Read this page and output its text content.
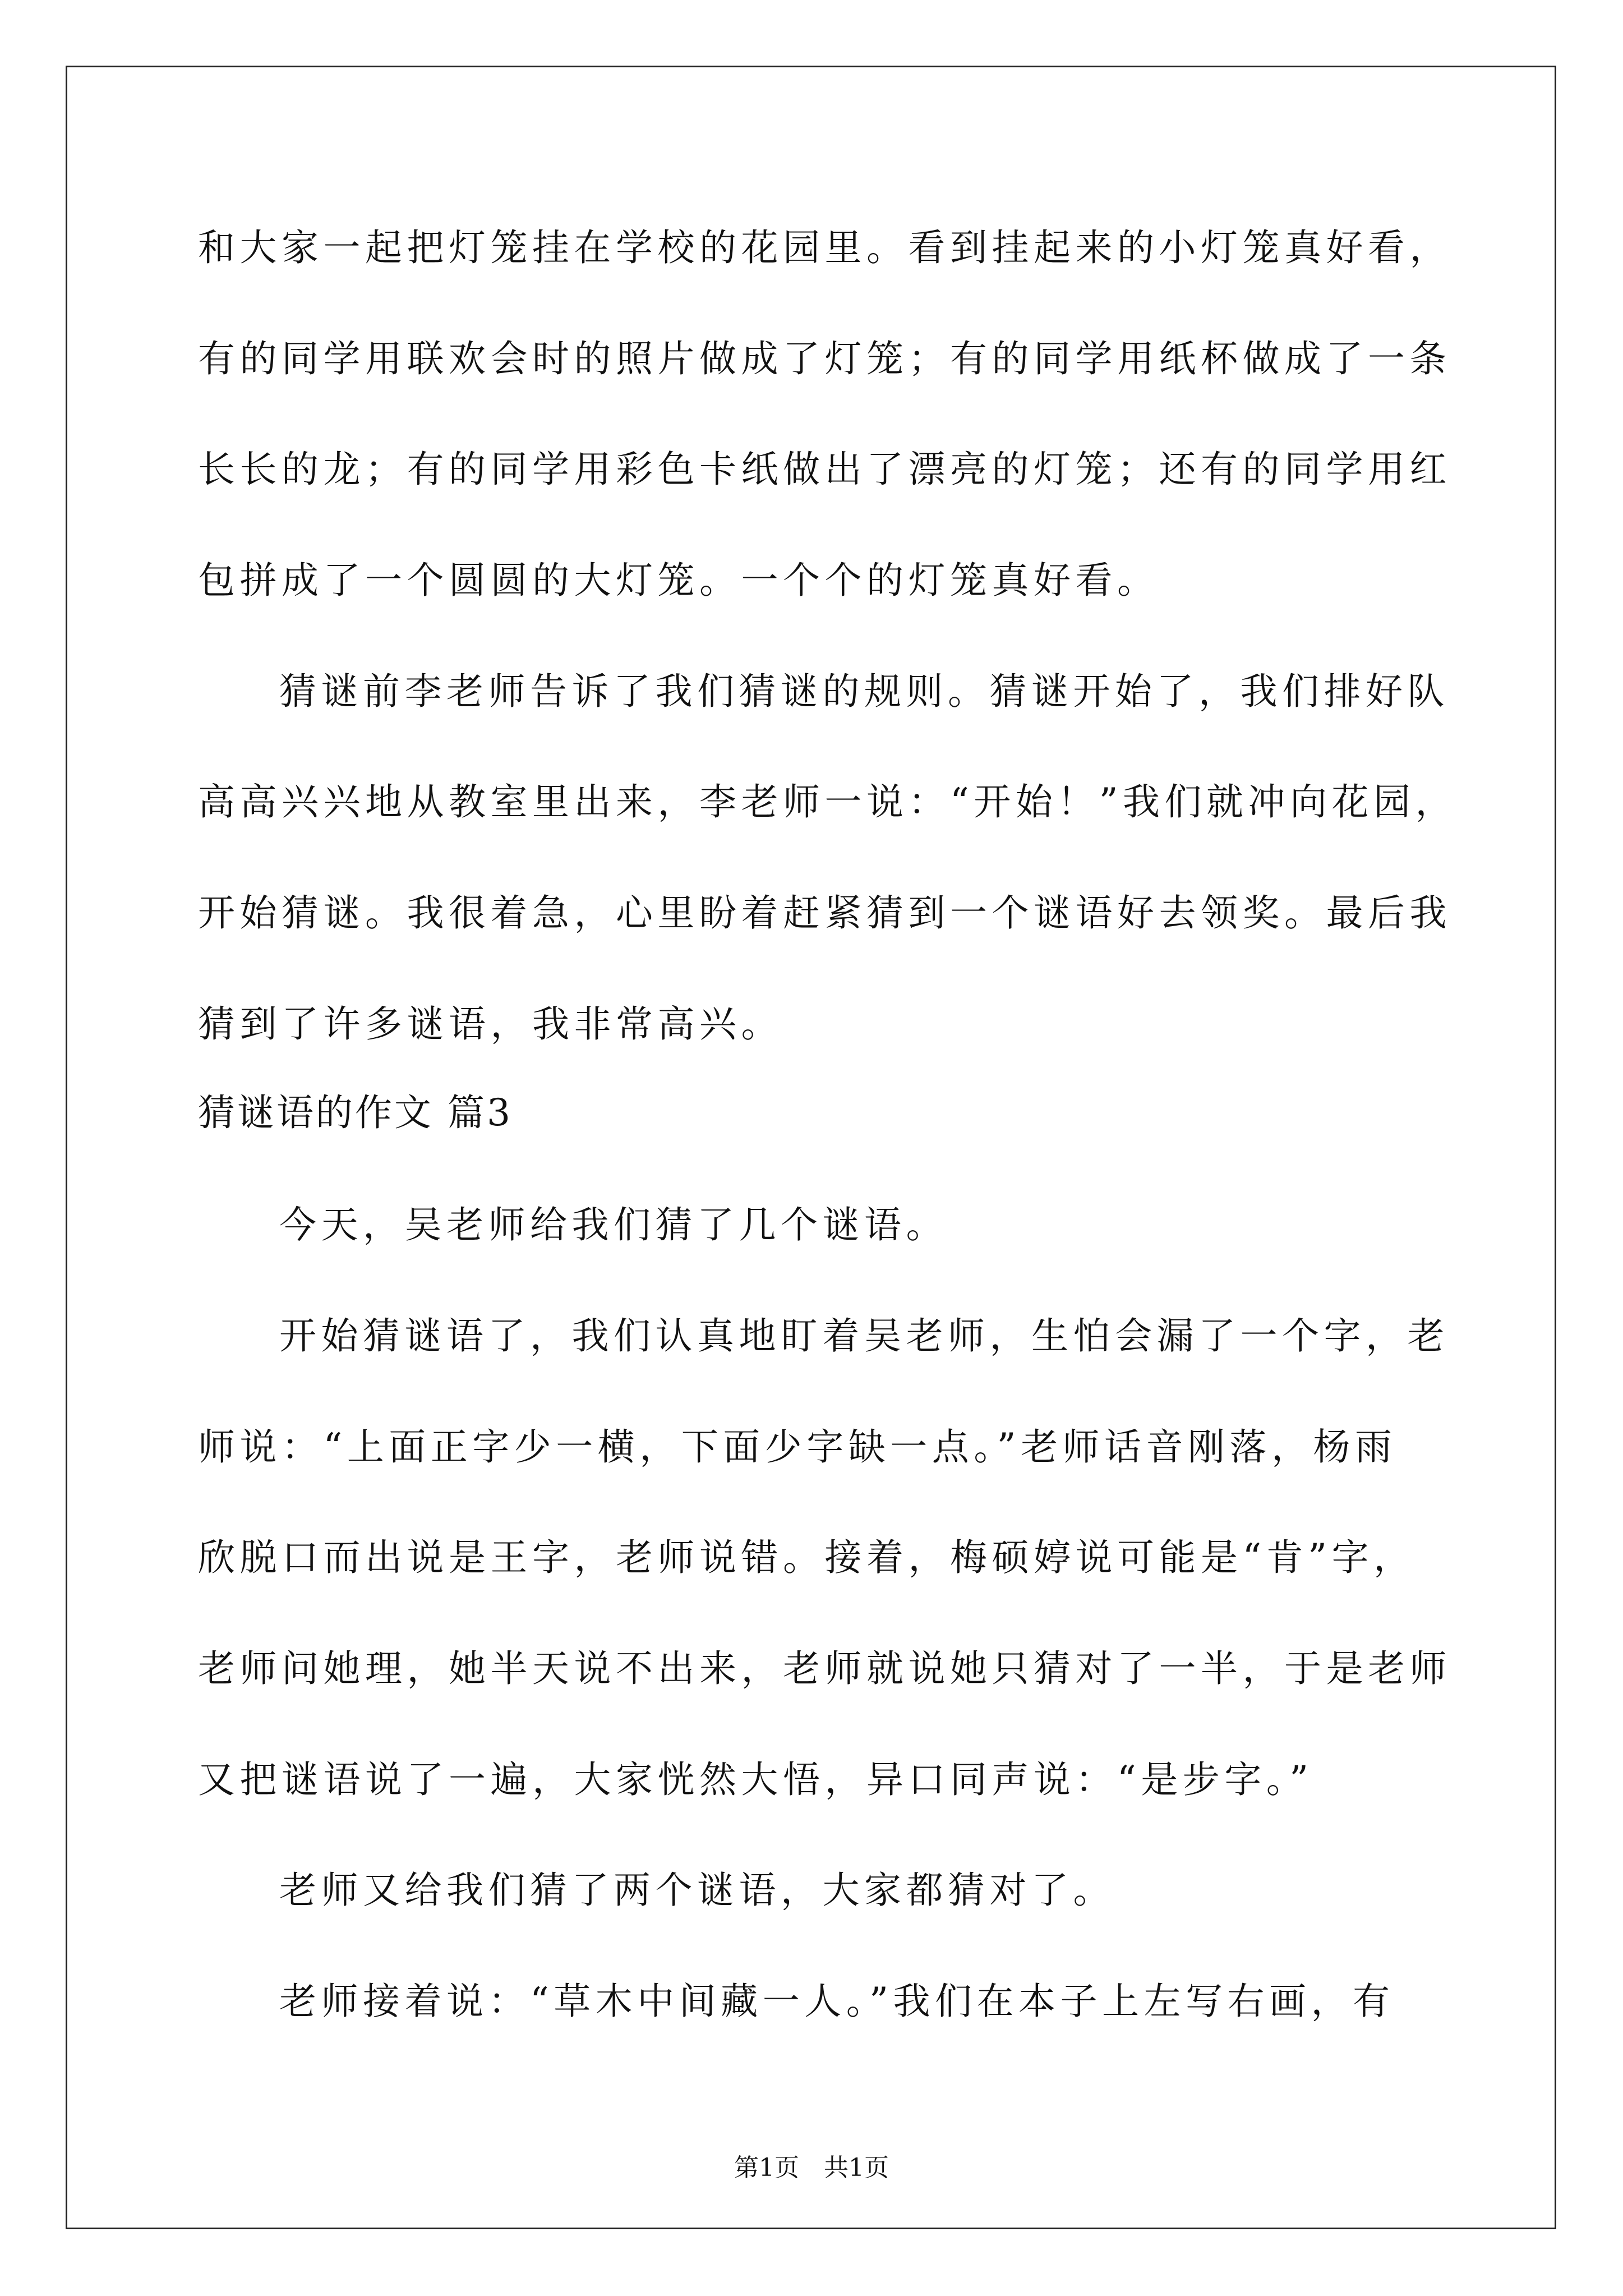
和大家一起把灯笼挂在学校的花园里。看到挂起来的小灯笼真好看，
有的同学用联欢会时的照片做成了灯笼；有的同学用纸杯做成了一条
长长的龙；有的同学用彩色卡纸做出了漂亮的灯笼；还有的同学用红
包拼成了一个圆圆的大灯笼。一个个的灯笼真好看。
猜谜前李老师告诉了我们猜谜的规则。猜谜开始了，我们排好队
高高兴兴地从教室里出来，李老师一说：“开始！”我们就冲向花园，
开始猜谜。我很着急，心里盼着赶紧猜到一个谜语好去领奖。最后我
猜到了许多谜语，我非常高兴。
猜谜语的作文 篇3
今天，吴老师给我们猜了几个谜语。
开始猜谜语了，我们认真地盯着吴老师，生怕会漏了一个字，老
师说：“上面正字少一横，下面少字缺一点。”老师话音刚落，杨雨
欣脱口而出说是王字，老师说错。接着，梅硕婷说可能是“肯”字，
老师问她理，她半天说不出来，老师就说她只猜对了一半，于是老师
又把谜语说了一遍，大家恍然大悟，异口同声说：“是步字。”
老师又给我们猜了两个谜语，大家都猜对了。
老师接着说：“草木中间藏一人。”我们在本子上左写右画，有
第1页　共1页
